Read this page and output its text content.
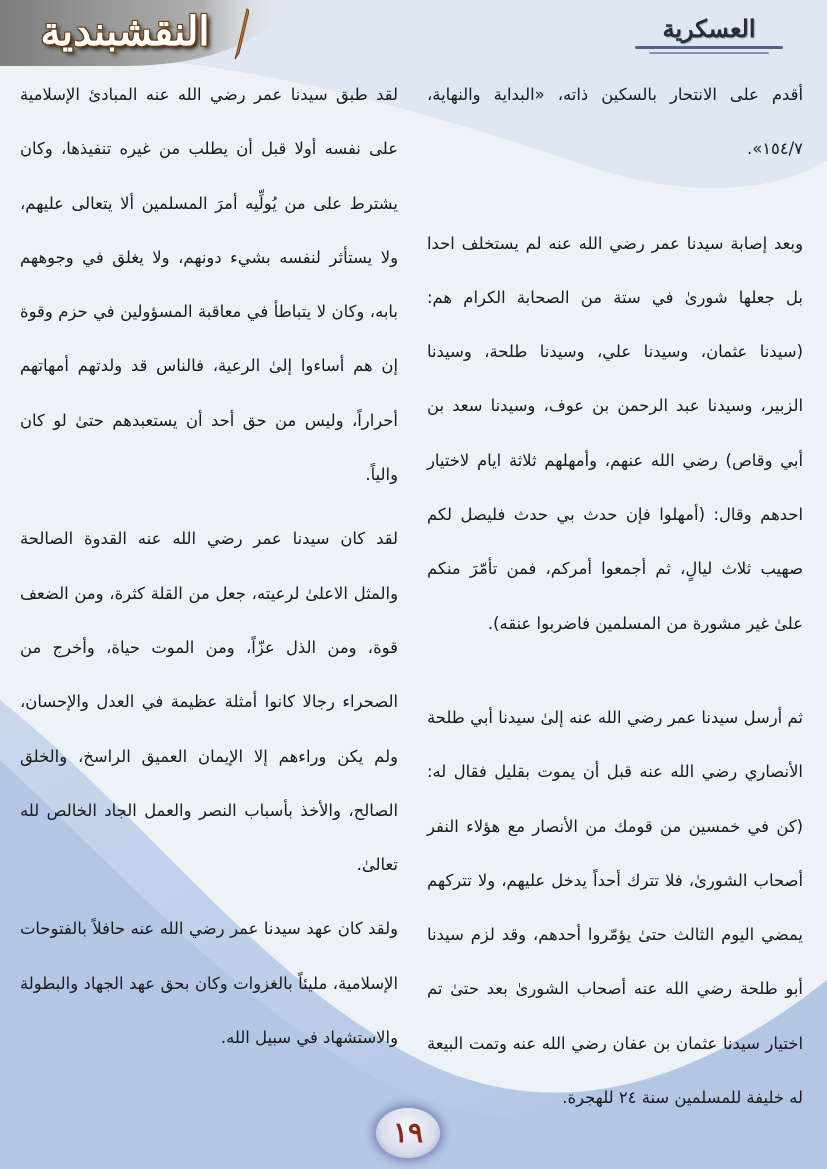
النقشبندية	العسكرية

أقدم على الانتحار بالسكين ذاته، «البداية والنهاية، ١٥٤/٧».

وبعد إصابة سيدنا عمر رضي الله عنه لم يستخلف احدا بل جعلها شورىٰ في ستة من الصحابة الكرام هم: (سيدنا عثمان، وسيدنا علي، وسيدنا طلحة، وسيدنا الزبير، وسيدنا عبد الرحمن بن عوف، وسيدنا سعد بن أبي وقاص) رضي الله عنهم، وأمهلهم ثلاثة ايام لاختيار احدهم وقال: (أمهلوا فإن حدث بي حدث فليصل لكم صهيب ثلاث ليالٍ، ثم أجمعوا أمركم، فمن تأمّرَ منكم علىٰ غير مشورة من المسلمين فاضربوا عنقه).

ثم أرسل سيدنا عمر رضي الله عنه إلىٰ سيدنا أبي طلحة الأنصاري رضي الله عنه قبل أن يموت بقليل فقال له: (كن في خمسين من قومك من الأنصار مع هؤلاء النفر أصحاب الشورىٰ، فلا تترك أحداً يدخل عليهم، ولا تتركهم يمضي اليوم الثالث حتىٰ يؤمّروا أحدهم، وقد لزم سيدنا أبو طلحة رضي الله عنه أصحاب الشورىٰ بعد حتىٰ تم اختيار سيدنا عثمان بن عفان رضي الله عنه وتمت البيعة له خليفة للمسلمين سنة ٢٤ للهجرة.

لقد طبق سيدنا عمر رضي الله عنه المبادئ الإسلامية على نفسه أولا قبل أن يطلب من غيره تنفيذها، وكان يشترط على من يُولِّيه أمرَ المسلمين ألا يتعالى عليهم، ولا يستأثر لنفسه بشيء دونهم، ولا يغلق في وجوههم بابه، وكان لا يتباطأ في معاقبة المسؤولين في حزم وقوة إن هم أساءوا إلىٰ الرعية، فالناس قد ولدتهم أمهاتهم أحراراً، وليس من حق أحد أن يستعبدهم حتىٰ لو كان والياً.

لقد كان سيدنا عمر رضي الله عنه القدوة الصالحة والمثل الاعلىٰ لرعيته، جعل من القلة كثرة، ومن الضعف قوة، ومن الذل عزّاً، ومن الموت حياة، وأخرج من الصحراء رجالا كانوا أمثلة عظيمة في العدل والإحسان، ولم يكن وراءهم إلا الإيمان العميق الراسخ، والخلق الصالح، والأخذ بأسباب النصر والعمل الجاد الخالص لله تعالىٰ.

ولقد كان عهد سيدنا عمر رضي الله عنه حافلاً بالفتوحات الإسلامية، مليئاً بالغزوات وكان بحق عهد الجهاد والبطولة والاستشهاد في سبيل الله.

١٩
